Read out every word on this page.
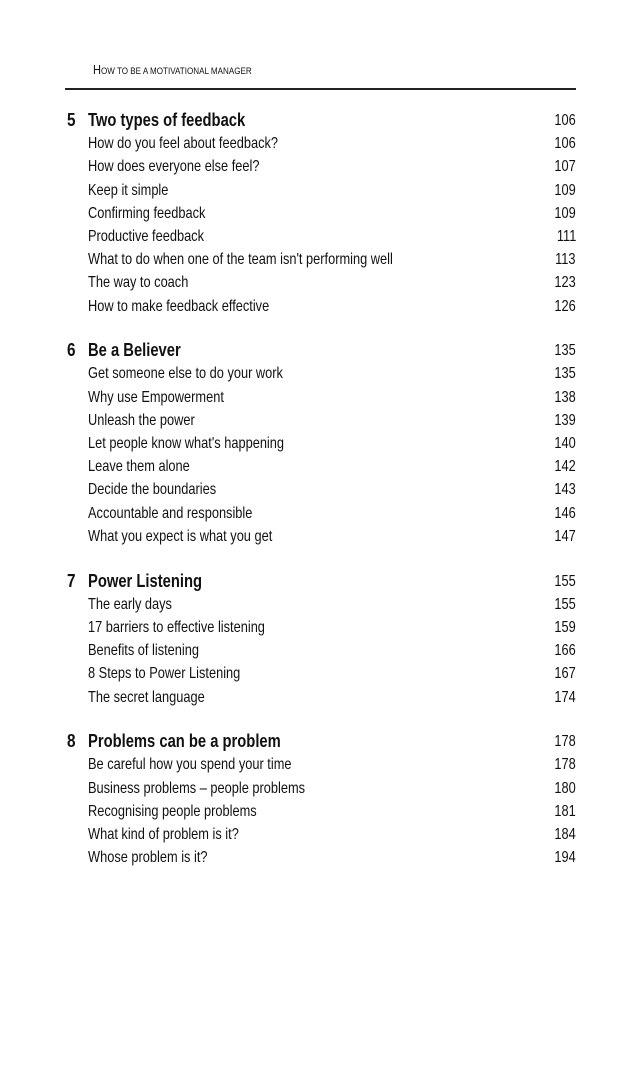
HOW TO BE A MOTIVATIONAL MANAGER
5 Two types of feedback	106
How do you feel about feedback?	106
How does everyone else feel?	107
Keep it simple	109
Confirming feedback	109
Productive feedback	111
What to do when one of the team isn't performing well	113
The way to coach	123
How to make feedback effective	126
6 Be a Believer	135
Get someone else to do your work	135
Why use Empowerment	138
Unleash the power	139
Let people know what's happening	140
Leave them alone	142
Decide the boundaries	143
Accountable and responsible	146
What you expect is what you get	147
7 Power Listening	155
The early days	155
17 barriers to effective listening	159
Benefits of listening	166
8 Steps to Power Listening	167
The secret language	174
8 Problems can be a problem	178
Be careful how you spend your time	178
Business problems – people problems	180
Recognising people problems	181
What kind of problem is it?	184
Whose problem is it?	194
